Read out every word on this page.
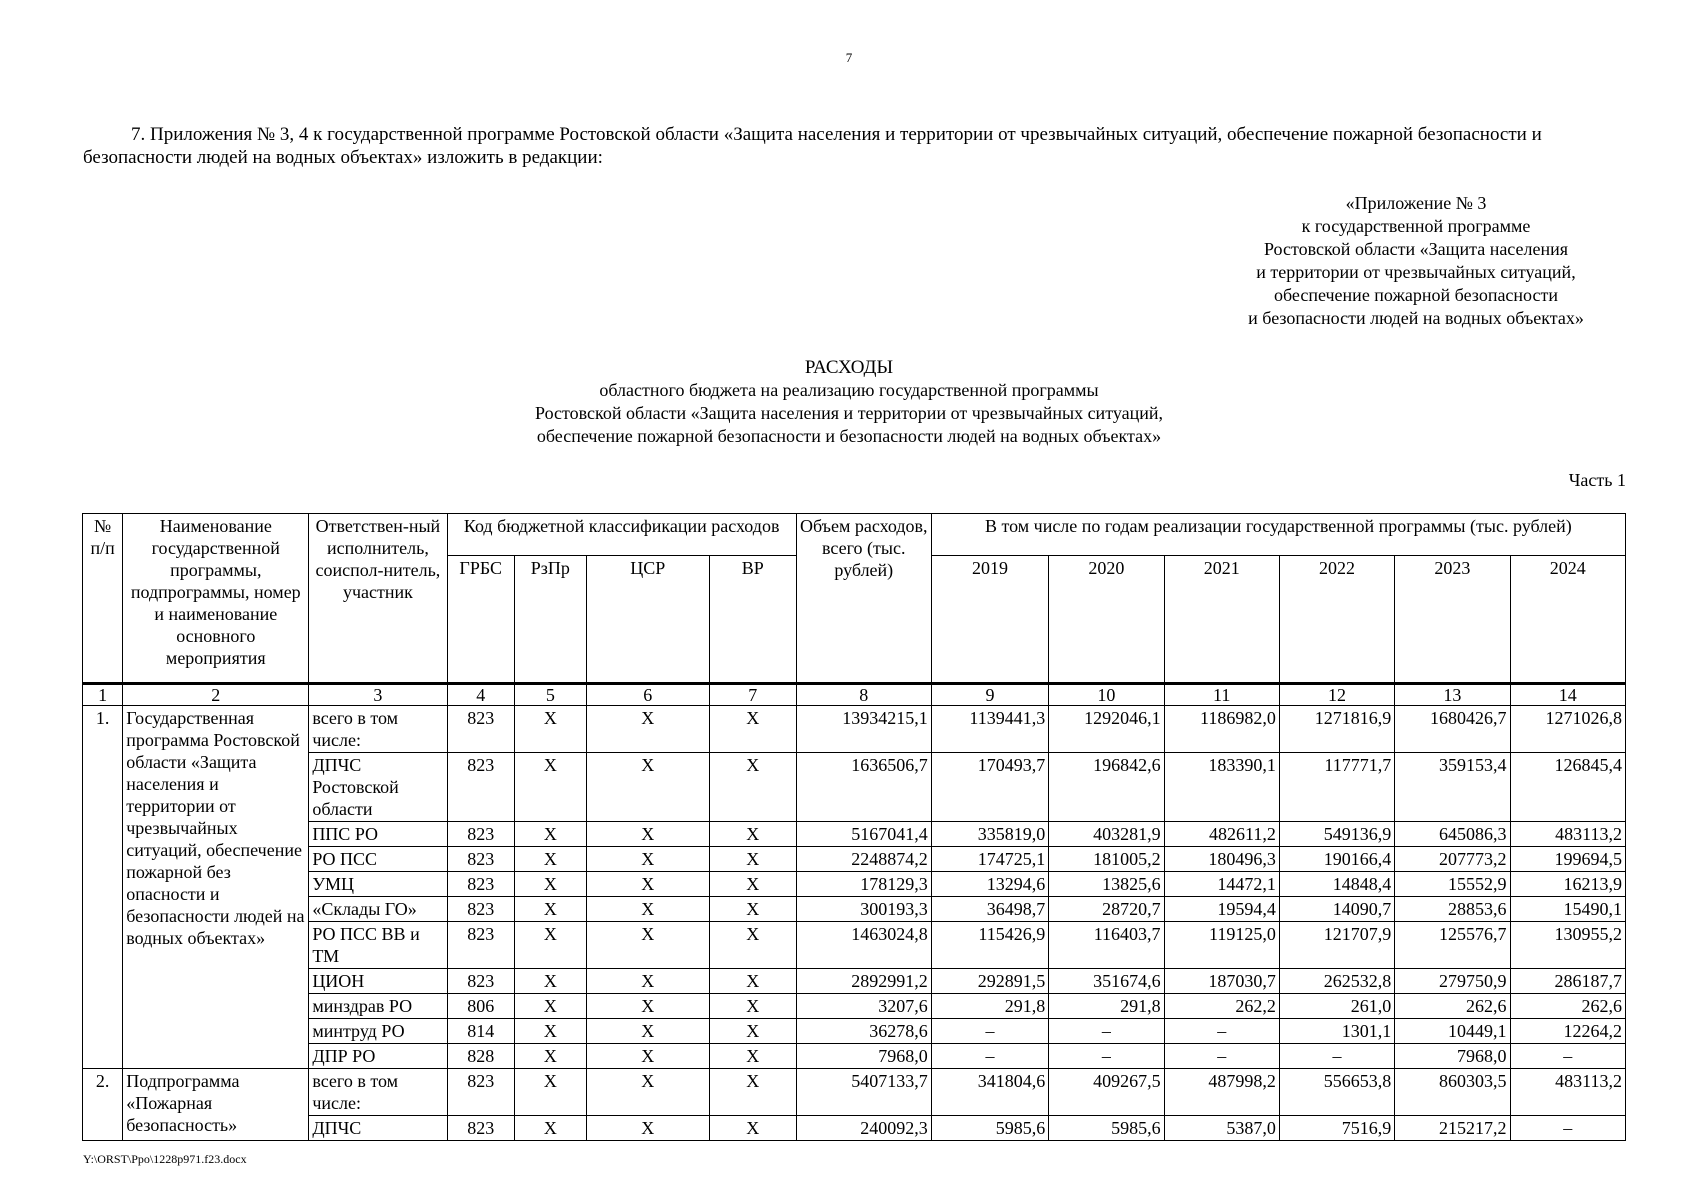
7
7. Приложения № 3, 4 к государственной программе Ростовской области «Защита населения и территории от чрезвычайных ситуаций, обеспечение пожарной безопасности и безопасности людей на водных объектах» изложить в редакции:
«Приложение № 3
к государственной программе
Ростовской области «Защита населения
и территории от чрезвычайных ситуаций,
обеспечение пожарной безопасности
и безопасности людей на водных объектах»
РАСХОДЫ
областного бюджета на реализацию государственной программы
Ростовской области «Защита населения и территории от чрезвычайных ситуаций,
обеспечение пожарной безопасности и безопасности людей на водных объектах»
Часть 1
№ п/п	Наименование государственной программы, подпрограммы, номер и наименование основного мероприятия	Ответствен-ный исполнитель, соиспол-нитель, участник	Код бюджетной классификации расходов				Объем расходов, всего (тыс. рублей)	В том числе по годам реализации государственной программы (тыс. рублей)					
			ГРБС	РзПр	ЦСР	ВР		2019	2020	2021	2022	2023	2024
1	2	3	4	5	6	7	8	9	10	11	12	13	14
1.	Государственная программа Ростовской области «Защита населения и территории от чрезвычайных ситуаций, обеспечение пожарной без опасности и безопасности людей на водных объектах»	всего в том числе:	823	Х	Х	Х	13934215,1	1139441,3	1292046,1	1186982,0	1271816,9	1680426,7	1271026,8
		ДПЧС Ростовской области	823	Х	Х	Х	1636506,7	170493,7	196842,6	183390,1	117771,7	359153,4	126845,4
		ППС РО	823	Х	Х	Х	5167041,4	335819,0	403281,9	482611,2	549136,9	645086,3	483113,2
		РО ПСС	823	Х	Х	Х	2248874,2	174725,1	181005,2	180496,3	190166,4	207773,2	199694,5
		УМЦ	823	Х	Х	Х	178129,3	13294,6	13825,6	14472,1	14848,4	15552,9	16213,9
		«Склады ГО»	823	Х	Х	Х	300193,3	36498,7	28720,7	19594,4	14090,7	28853,6	15490,1
		РО ПСС ВВ и ТМ	823	Х	Х	Х	1463024,8	115426,9	116403,7	119125,0	121707,9	125576,7	130955,2
		ЦИОН	823	Х	Х	Х	2892991,2	292891,5	351674,6	187030,7	262532,8	279750,9	286187,7
		минздрав РО	806	Х	Х	Х	3207,6	291,8	291,8	262,2	261,0	262,6	262,6
		минтруд РО	814	Х	Х	Х	36278,6	–	–	–	1301,1	10449,1	12264,2
		ДПР РО	828	Х	Х	Х	7968,0	–	–	–	–	7968,0	–
2.	Подпрограмма «Пожарная безопасность»	всего в том числе:	823	Х	Х	Х	5407133,7	341804,6	409267,5	487998,2	556653,8	860303,5	483113,2
		ДПЧС	823	Х	Х	Х	240092,3	5985,6	5985,6	5387,0	7516,9	215217,2	–
Y:\ORST\Ppo\1228p971.f23.docx
